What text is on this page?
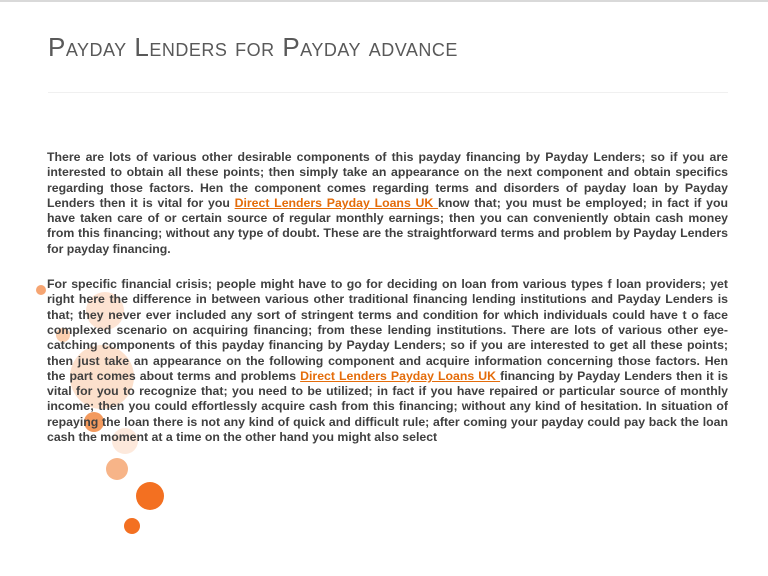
Payday Lenders for Payday advance

There are lots of various other desirable components of this payday financing by Payday Lenders; so if you are interested to obtain all these points; then simply take an appearance on the next component and obtain specifics regarding those factors. Hen the component comes regarding terms and disorders of payday loan by Payday Lenders then it is vital for you Direct Lenders Payday Loans UK know that; you must be employed; in fact if you have taken care of or certain source of regular monthly earnings; then you can conveniently obtain cash money from this financing; without any type of doubt. These are the straightforward terms and problem by Payday Lenders for payday financing.

For specific financial crisis; people might have to go for deciding on loan from various types f loan providers; yet right here the difference in between various other traditional financing lending institutions and Payday Lenders is that; they never ever included any sort of stringent terms and condition for which individuals could have t o face complexed scenario on acquiring financing; from these lending institutions. There are lots of various other eye-catching components of this payday financing by Payday Lenders; so if you are interested to get all these points; then just take an appearance on the following component and acquire information concerning those factors. Hen the part comes about terms and problems Direct Lenders Payday Loans UK financing by Payday Lenders then it is vital for you to recognize that; you need to be utilized; in fact if you have repaired or particular source of monthly income; then you could effortlessly acquire cash from this financing; without any kind of hesitation. In situation of repaying the loan there is not any kind of quick and difficult rule; after coming your payday could pay back the loan cash the moment at a time on the other hand you might also select
